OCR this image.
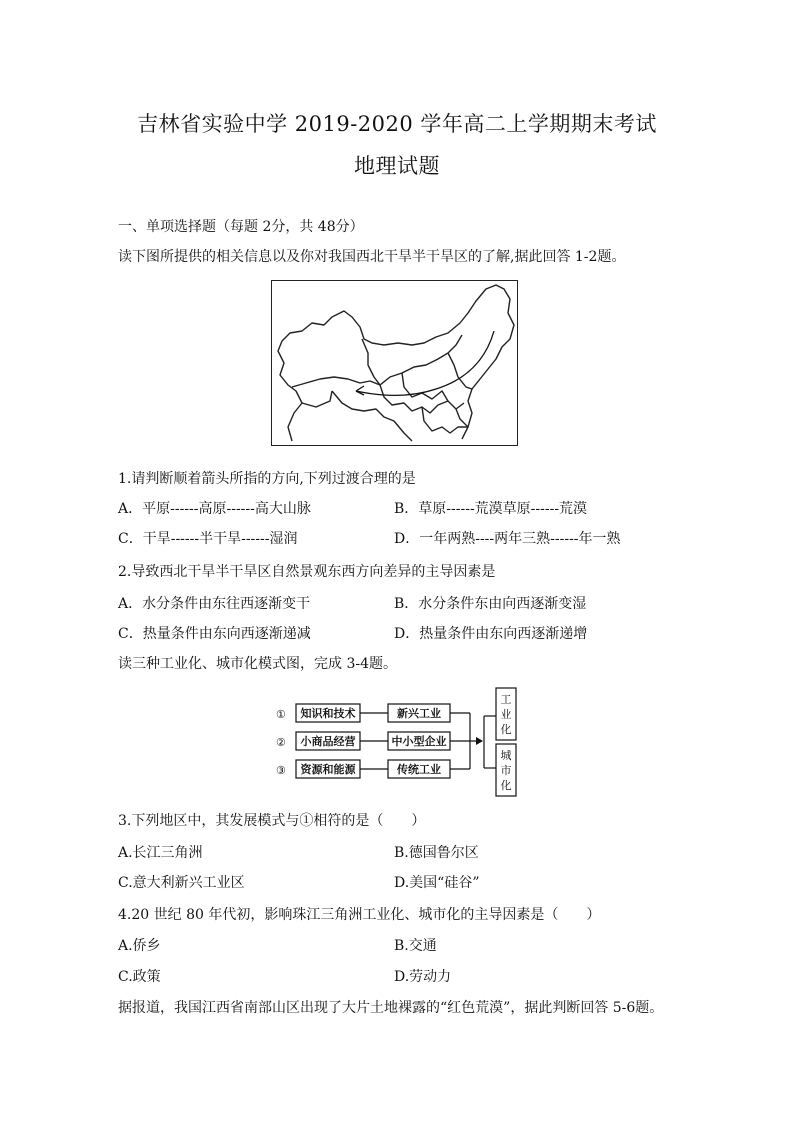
吉林省实验中学 2019-2020 学年高二上学期期末考试
地理试题
一、单项选择题（每题 2分，共 48分）
读下图所提供的相关信息以及你对我国西北干旱半干旱区的了解,据此回答 1-2题。
1.请判断顺着箭头所指的方向,下列过渡合理的是
A．平原------高原------高大山脉	B．草原------荒漠草原------荒漠
C．干旱------半干旱------湿润	D．一年两熟----两年三熟------年一熟
2.导致西北干旱半干旱区自然景观东西方向差异的主导因素是
A．水分条件由东往西逐渐变干	B．水分条件东由向西逐渐变湿
C．热量条件由东向西逐渐递减	D．热量条件由东向西逐渐递增
读三种工业化、城市化模式图，完成 3-4题。
①
②
③
知识和技术
小商品经营
资源和能源
新兴工业
中小型企业
传统工业
工
业
化
城
市
化
3.下列地区中，其发展模式与①相符的是（　　）
A.长江三角洲	B.德国鲁尔区
C.意大利新兴工业区	D.美国“硅谷”
4.20 世纪 80 年代初，影响珠江三角洲工业化、城市化的主导因素是（　　）
A.侨乡	B.交通
C.政策	D.劳动力
据报道，我国江西省南部山区出现了大片土地裸露的“红色荒漠”，据此判断回答 5-6题。
